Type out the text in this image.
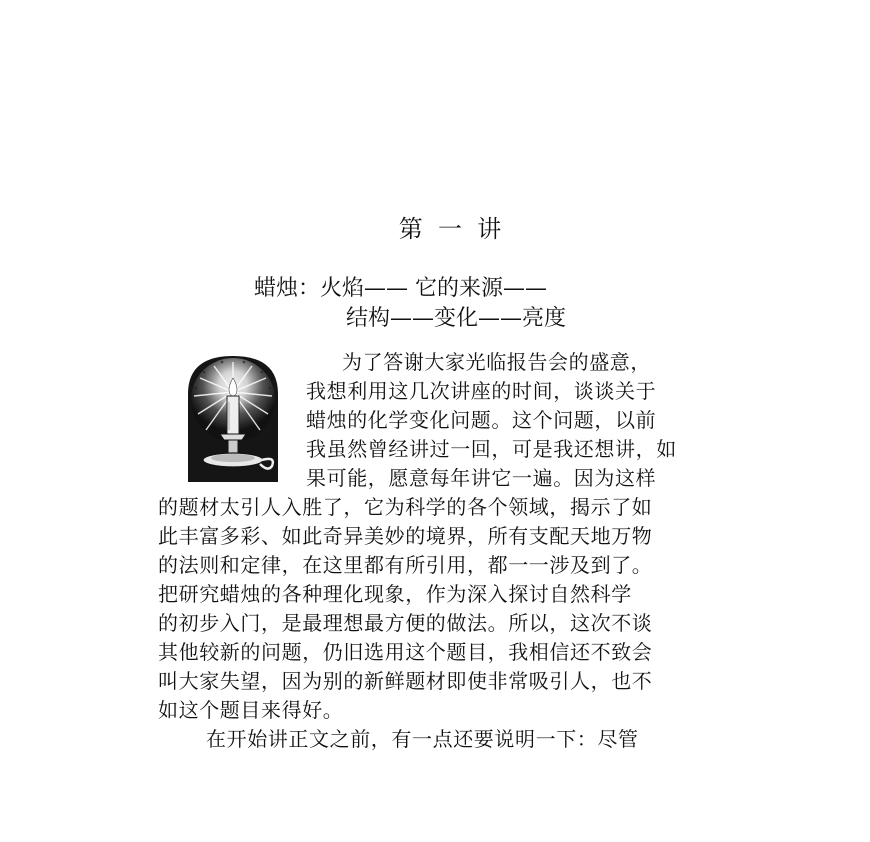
第  一  讲
蜡烛：火焰—— 它的来源——
结构——变化——亮度
为了答谢大家光临报告会的盛意，
我想利用这几次讲座的时间，谈谈关于
蜡烛的化学变化问题。这个问题，以前
我虽然曾经讲过一回，可是我还想讲，如
果可能，愿意每年讲它一遍。因为这样
的题材太引人入胜了，它为科学的各个领域，揭示了如
此丰富多彩、如此奇异美妙的境界，所有支配天地万物
的法则和定律，在这里都有所引用，都一一涉及到了。
把研究蜡烛的各种理化现象，作为深入探讨自然科学
的初步入门，是最理想最方便的做法。所以，这次不谈
其他较新的问题，仍旧选用这个题目，我相信还不致会
叫大家失望，因为别的新鲜题材即使非常吸引人，也不
如这个题目来得好。
在开始讲正文之前，有一点还要说明一下：尽管
